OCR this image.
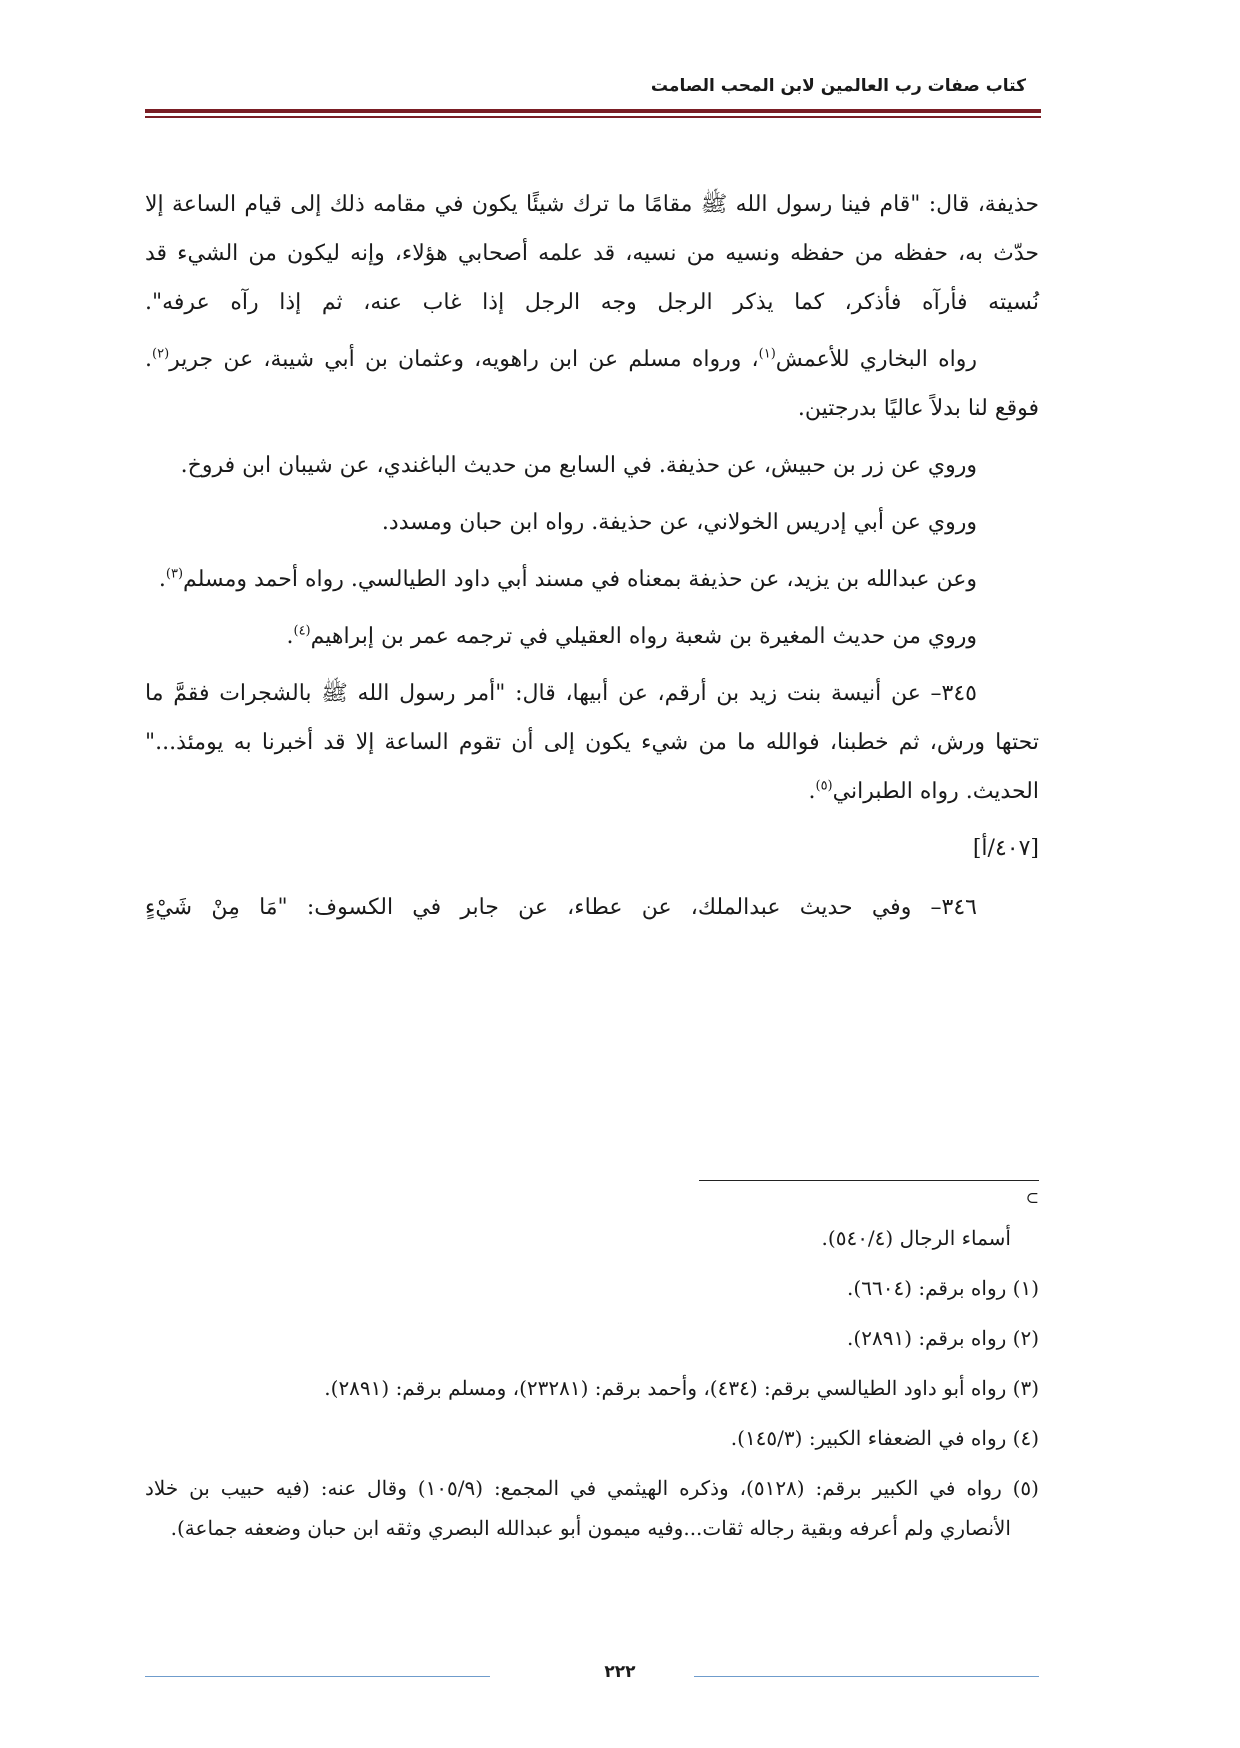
كتاب صفات رب العالمين لابن المحب الصامت

حذيفة، قال: "قام فينا رسول الله ﷺ مقامًا ما ترك شيئًا يكون في مقامه ذلك إلى قيام الساعة إلا حدّث به، حفظه من حفظه ونسيه من نسيه، قد علمه أصحابي هؤلاء، وإنه ليكون من الشيء قد نُسيته فأرآه فأذكر، كما يذكر الرجل وجه الرجل إذا غاب عنه، ثم إذا رآه عرفه".

رواه البخاري للأعمش$^{(١)}$، ورواه مسلم عن ابن راهويه، وعثمان بن أبي شيبة، عن جرير$^{(٢)}$. فوقع لنا بدلاً عاليًا بدرجتين.

وروي عن زر بن حبيش، عن حذيفة. في السابع من حديث الباغندي، عن شيبان ابن فروخ.

وروي عن أبي إدريس الخولاني، عن حذيفة. رواه ابن حبان ومسدد.

وعن عبدالله بن يزيد، عن حذيفة بمعناه في مسند أبي داود الطيالسي. رواه أحمد ومسلم$^{(٣)}$.

وروي من حديث المغيرة بن شعبة رواه العقيلي في ترجمه عمر بن إبراهيم$^{(٤)}$.

٣٤٥– عن أنيسة بنت زيد بن أرقم، عن أبيها، قال: "أمر رسول الله ﷺ بالشجرات فقمَّ ما تحتها ورش، ثم خطبنا، فوالله ما من شيء يكون إلى أن تقوم الساعة إلا قد أخبرنا به يومئذ..." الحديث. رواه الطبراني$^{(٥)}$.

[٤٠٧/أ]

٣٤٦– وفي حديث عبدالملك، عن عطاء، عن جابر في الكسوف: "مَا مِنْ شَيْءٍ

⊃

أسماء الرجال (٥٤٠/٤).

(١) رواه برقم: (٦٦٠٤).

(٢) رواه برقم: (٢٨٩١).

(٣) رواه أبو داود الطيالسي برقم: (٤٣٤)، وأحمد برقم: (٢٣٢٨١)، ومسلم برقم: (٢٨٩١).

(٤) رواه في الضعفاء الكبير: (١٤٥/٣).

(٥) رواه في الكبير برقم: (٥١٢٨)، وذكره الهيثمي في المجمع: (١٠٥/٩) وقال عنه: (فيه حبيب بن خلاد الأنصاري ولم أعرفه وبقية رجاله ثقات...وفيه ميمون أبو عبدالله البصري وثقه ابن حبان وضعفه جماعة).

٢٢٢
